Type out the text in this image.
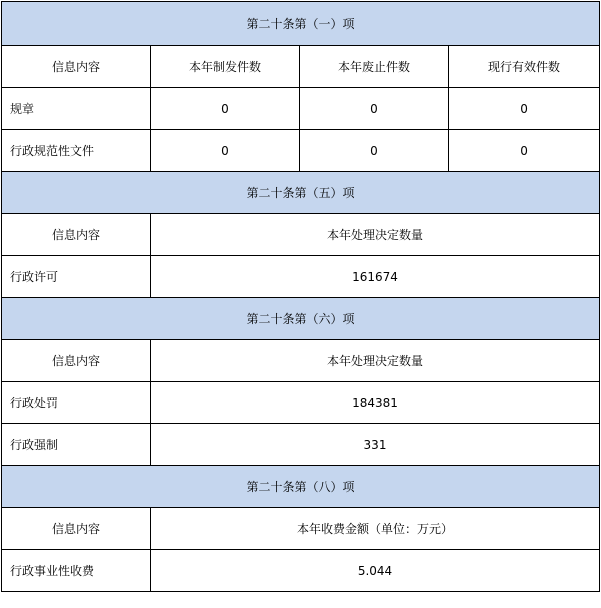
第二十条第（一）项			
信息内容	本年制发件数	本年废止件数	现行有效件数
规章	0	0	0
行政规范性文件	0	0	0
第二十条第（五）项			
信息内容	本年处理决定数量		
行政许可	161674		
第二十条第（六）项			
信息内容	本年处理决定数量		
行政处罚	184381		
行政强制	331		
第二十条第（八）项			
信息内容	本年收费金额（单位：万元）		
行政事业性收费	5.044		
